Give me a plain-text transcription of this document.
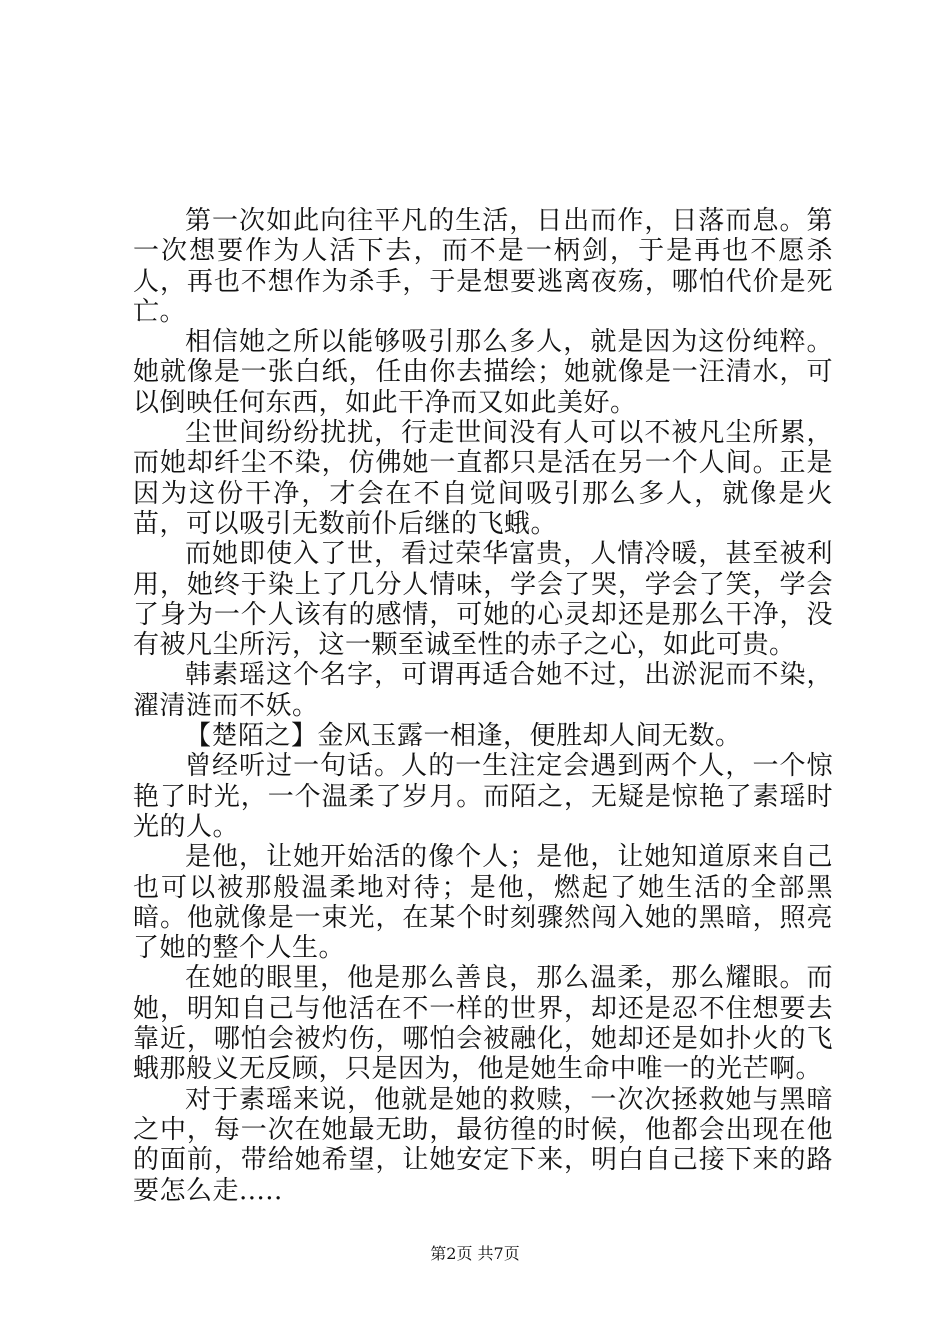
第一次如此向往平凡的生活，日出而作，日落而息。第一次想要作为人活下去，而不是一柄剑，于是再也不愿杀人，再也不想作为杀手，于是想要逃离夜殇，哪怕代价是死亡。

相信她之所以能够吸引那么多人，就是因为这份纯粹。她就像是一张白纸，任由你去描绘；她就像是一汪清水，可以倒映任何东西，如此干净而又如此美好。

尘世间纷纷扰扰，行走世间没有人可以不被凡尘所累，而她却纤尘不染，仿佛她一直都只是活在另一个人间。正是因为这份干净，才会在不自觉间吸引那么多人，就像是火苗，可以吸引无数前仆后继的飞蛾。

而她即使入了世，看过荣华富贵，人情冷暖，甚至被利用，她终于染上了几分人情味，学会了哭，学会了笑，学会了身为一个人该有的感情，可她的心灵却还是那么干净，没有被凡尘所污，这一颗至诚至性的赤子之心，如此可贵。

韩素瑶这个名字，可谓再适合她不过，出淤泥而不染，濯清涟而不妖。

【楚陌之】金风玉露一相逢，便胜却人间无数。

曾经听过一句话。人的一生注定会遇到两个人，一个惊艳了时光，一个温柔了岁月。而陌之，无疑是惊艳了素瑶时光的人。

是他，让她开始活的像个人；是他，让她知道原来自己也可以被那般温柔地对待；是他，燃起了她生活的全部黑暗。他就像是一束光，在某个时刻骤然闯入她的黑暗，照亮了她的整个人生。

在她的眼里，他是那么善良，那么温柔，那么耀眼。而她，明知自己与他活在不一样的世界，却还是忍不住想要去靠近，哪怕会被灼伤，哪怕会被融化，她却还是如扑火的飞蛾那般义无反顾，只是因为，他是她生命中唯一的光芒啊。

对于素瑶来说，他就是她的救赎，一次次拯救她与黑暗之中，每一次在她最无助，最彷徨的时候，他都会出现在他的面前，带给她希望，让她安定下来，明白自己接下来的路要怎么走.....

第2页 共7页
